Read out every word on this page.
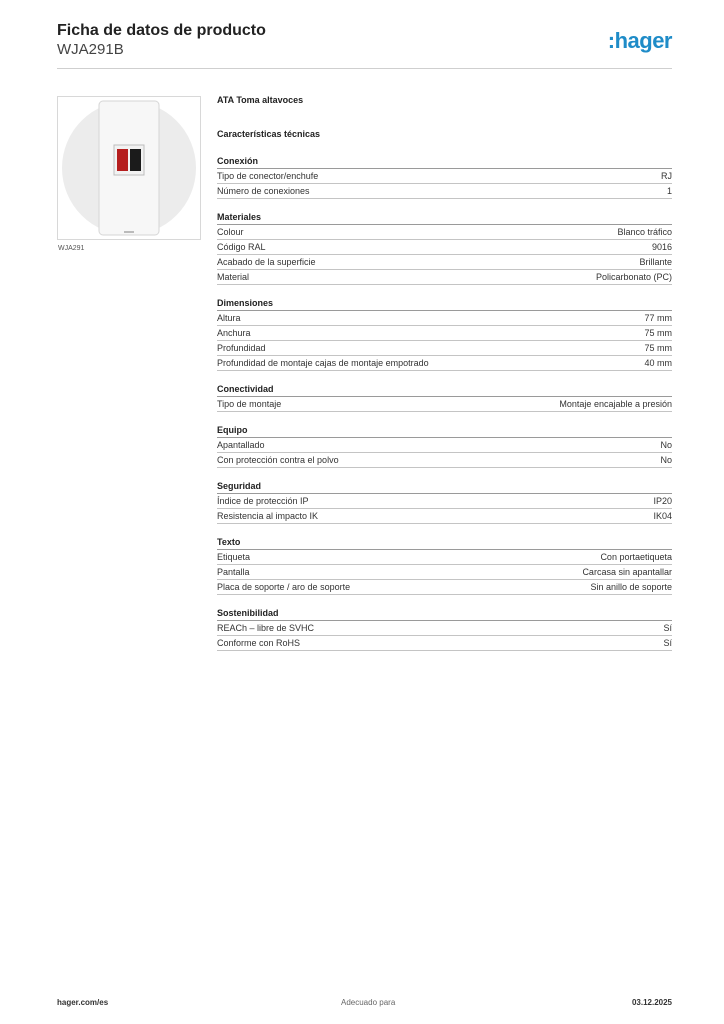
Ficha de datos de producto
WJA291B	:hager
WJA291
ATA Toma altavoces
Características técnicas
Conexión
Tipo de conector/enchufe	RJ
Número de conexiones	1
Materiales
Colour	Blanco tráfico
Código RAL	9016
Acabado de la superficie	Brillante
Material	Policarbonato (PC)
Dimensiones
Altura	77 mm
Anchura	75 mm
Profundidad	75 mm
Profundidad de montaje cajas de montaje empotrado	40 mm
Conectividad
Tipo de montaje	Montaje encajable a presión
Equipo
Apantallado	No
Con protección contra el polvo	No
Seguridad
Índice de protección IP	IP20
Resistencia al impacto IK	IK04
Texto
Etiqueta	Con portaetiqueta
Pantalla	Carcasa sin apantallar
Placa de soporte / aro de soporte	Sin anillo de soporte
Sostenibilidad
REACh – libre de SVHC	Sí
Conforme con RoHS	Sí
hager.com/es	Adecuado para	03.12.2025
